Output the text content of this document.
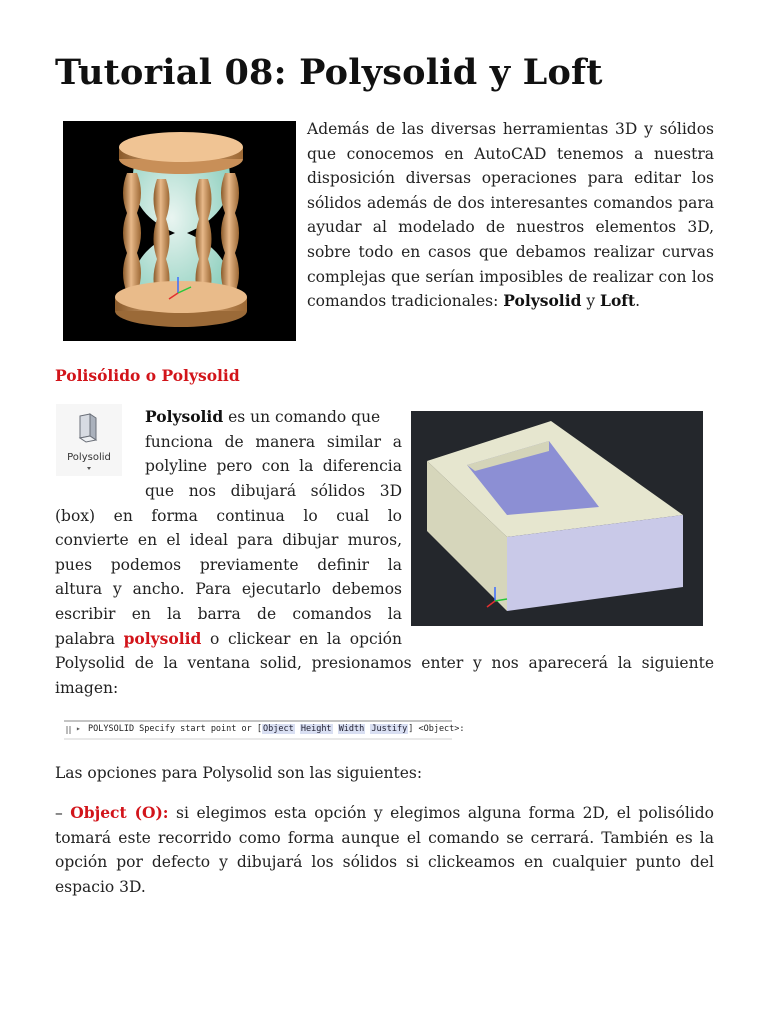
Tutorial 08: Polysolid y Loft

Además de las diversas herramientas 3D y sólidos que conocemos en AutoCAD tenemos a nuestra disposición diversas operaciones para editar los sólidos además de dos interesantes comandos para ayudar al modelado de nuestros elementos 3D, sobre todo en casos que debamos realizar curvas complejas que serían imposibles de realizar con los comandos tradicionales: Polysolid y Loft.

Polisólido o Polysolid
Polysolid

Polysolid es un comando que

funciona de manera similar a

polyline pero con la diferencia

que nos dibujará sólidos 3D

(box) en forma continua lo cual lo

convierte en el ideal para dibujar muros,

pues podemos previamente definir la

altura y ancho. Para ejecutarlo debemos

escribir en la barra de comandos la

palabra polysolid o clickear en la opción

Polysolid de la ventana solid, presionamos enter y nos aparecerá la siguiente imagen:

▸ POLYSOLID Specify start point or [Object Height Width Justify] <Object>:

Las opciones para Polysolid son las siguientes:

– Object (O): si elegimos esta opción y elegimos alguna forma 2D, el polisólido tomará este recorrido como forma aunque el comando se cerrará. También es la opción por defecto y dibujará los sólidos si clickeamos en cualquier punto del espacio 3D.
